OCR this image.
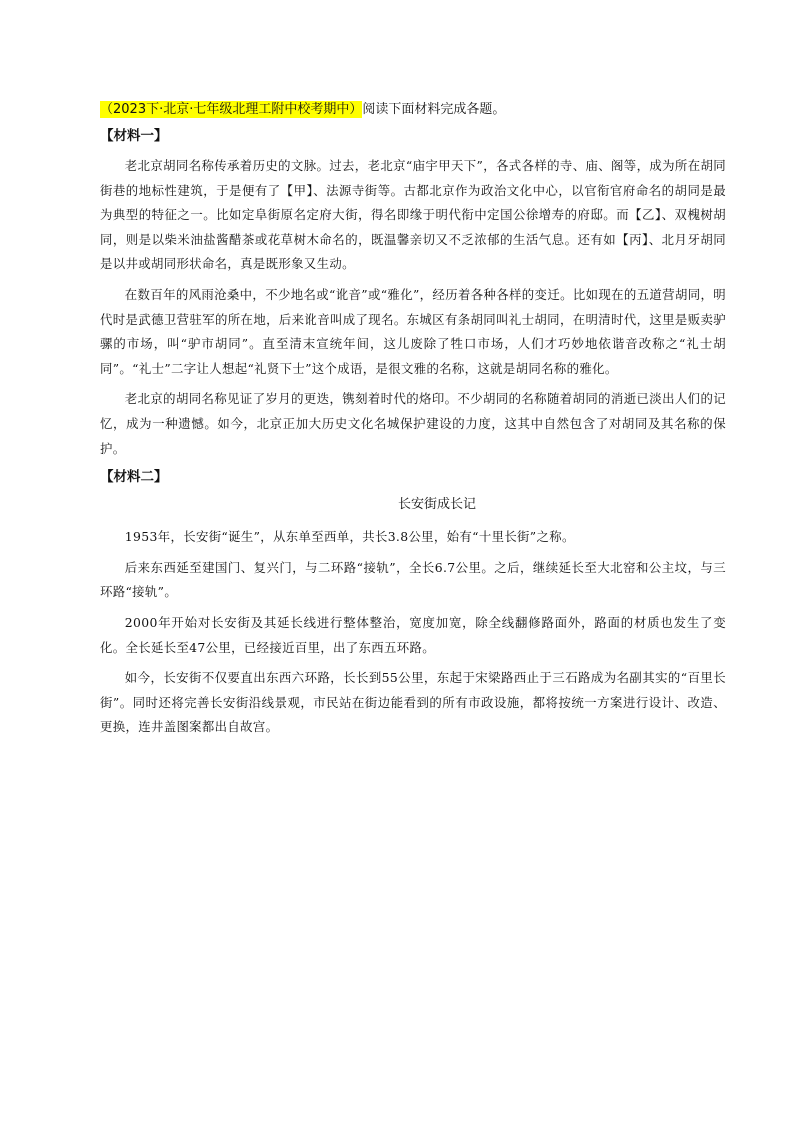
（2023下·北京·七年级北理工附中校考期中）阅读下面材料完成各题。

【材料一】

老北京胡同名称传承着历史的文脉。过去，老北京“庙宇甲天下”，各式各样的寺、庙、阁等，成为所在胡同街巷的地标性建筑，于是便有了【甲】、法源寺街等。古都北京作为政治文化中心，以官衔官府命名的胡同是最为典型的特征之一。比如定阜街原名定府大街，得名即缘于明代衔中定国公徐增寿的府邸。而【乙】、双槐树胡同，则是以柴米油盐酱醋茶或花草树木命名的，既温馨亲切又不乏浓郁的生活气息。还有如【丙】、北月牙胡同是以井或胡同形状命名，真是既形象又生动。

在数百年的风雨沧桑中，不少地名或“讹音”或“雅化”，经历着各种各样的变迁。比如现在的五道营胡同，明代时是武德卫营驻军的所在地，后来讹音叫成了现名。东城区有条胡同叫礼士胡同，在明清时代，这里是贩卖驴骡的市场，叫“驴市胡同”。直至清末宣统年间，这儿废除了牲口市场，人们才巧妙地依谐音改称之“礼士胡同”。“礼士”二字让人想起“礼贤下士”这个成语，是很文雅的名称，这就是胡同名称的雅化。

老北京的胡同名称见证了岁月的更迭，镌刻着时代的烙印。不少胡同的名称随着胡同的消逝已淡出人们的记忆，成为一种遗憾。如今，北京正加大历史文化名城保护建设的力度，这其中自然包含了对胡同及其名称的保护。

【材料二】

长安街成长记

1953年，长安街“诞生”，从东单至西单，共长3.8公里，始有“十里长街”之称。

后来东西延至建国门、复兴门，与二环路“接轨”，全长6.7公里。之后，继续延长至大北窑和公主坟，与三环路“接轨”。

2000年开始对长安街及其延长线进行整体整治，宽度加宽，除全线翻修路面外，路面的材质也发生了变化。全长延长至47公里，已经接近百里，出了东西五环路。

如今，长安街不仅要直出东西六环路，长长到55公里，东起于宋梁路西止于三石路成为名副其实的“百里长街”。同时还将完善长安街沿线景观，市民站在街边能看到的所有市政设施，都将按统一方案进行设计、改造、更换，连井盖图案都出自故宫。
